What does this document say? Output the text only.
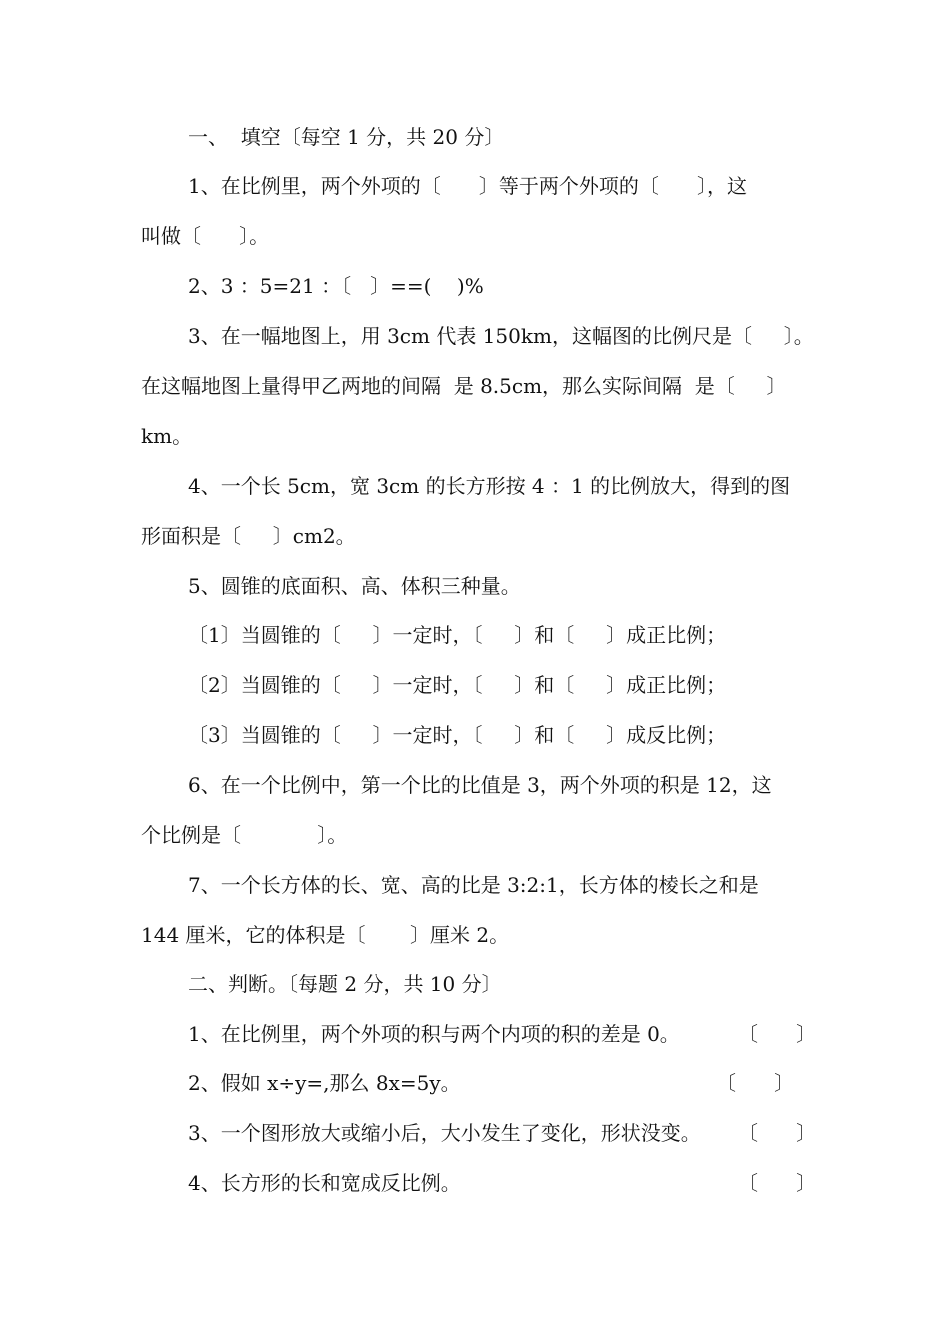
一、  填空〔每空 1 分，共 20 分〕
1、在比例里，两个外项的〔      〕等于两个外项的〔      〕，这
叫做〔      〕。
2、3 ：5=21 ：〔   〕==(    )%
3、在一幅地图上，用 3cm 代表 150km，这幅图的比例尺是〔     〕。
在这幅地图上量得甲乙两地的间隔  是 8.5cm，那么实际间隔  是〔     〕
km。
4、一个长 5cm，宽 3cm 的长方形按 4 ：1 的比例放大，得到的图
形面积是〔     〕cm2。
5、圆锥的底面积、高、体积三种量。
〔1〕当圆锥的〔     〕一定时，〔     〕和〔     〕成正比例；
〔2〕当圆锥的〔     〕一定时，〔     〕和〔     〕成正比例；
〔3〕当圆锥的〔     〕一定时，〔     〕和〔     〕成反比例；
6、在一个比例中，第一个比的比值是 3，两个外项的积是 12，这
个比例是〔            〕。
7、一个长方体的长、宽、高的比是 3:2:1，长方体的棱长之和是
144 厘米，它的体积是〔       〕厘米 2。
二、判断。〔每题 2 分，共 10 分〕
1、在比例里，两个外项的积与两个内项的积的差是 0。	〔      〕
2、假如 x÷y=,那么 8x=5y。	〔      〕
3、一个图形放大或缩小后，大小发生了变化，形状没变。 〔      〕
4、长方形的长和宽成反比例。	〔      〕
